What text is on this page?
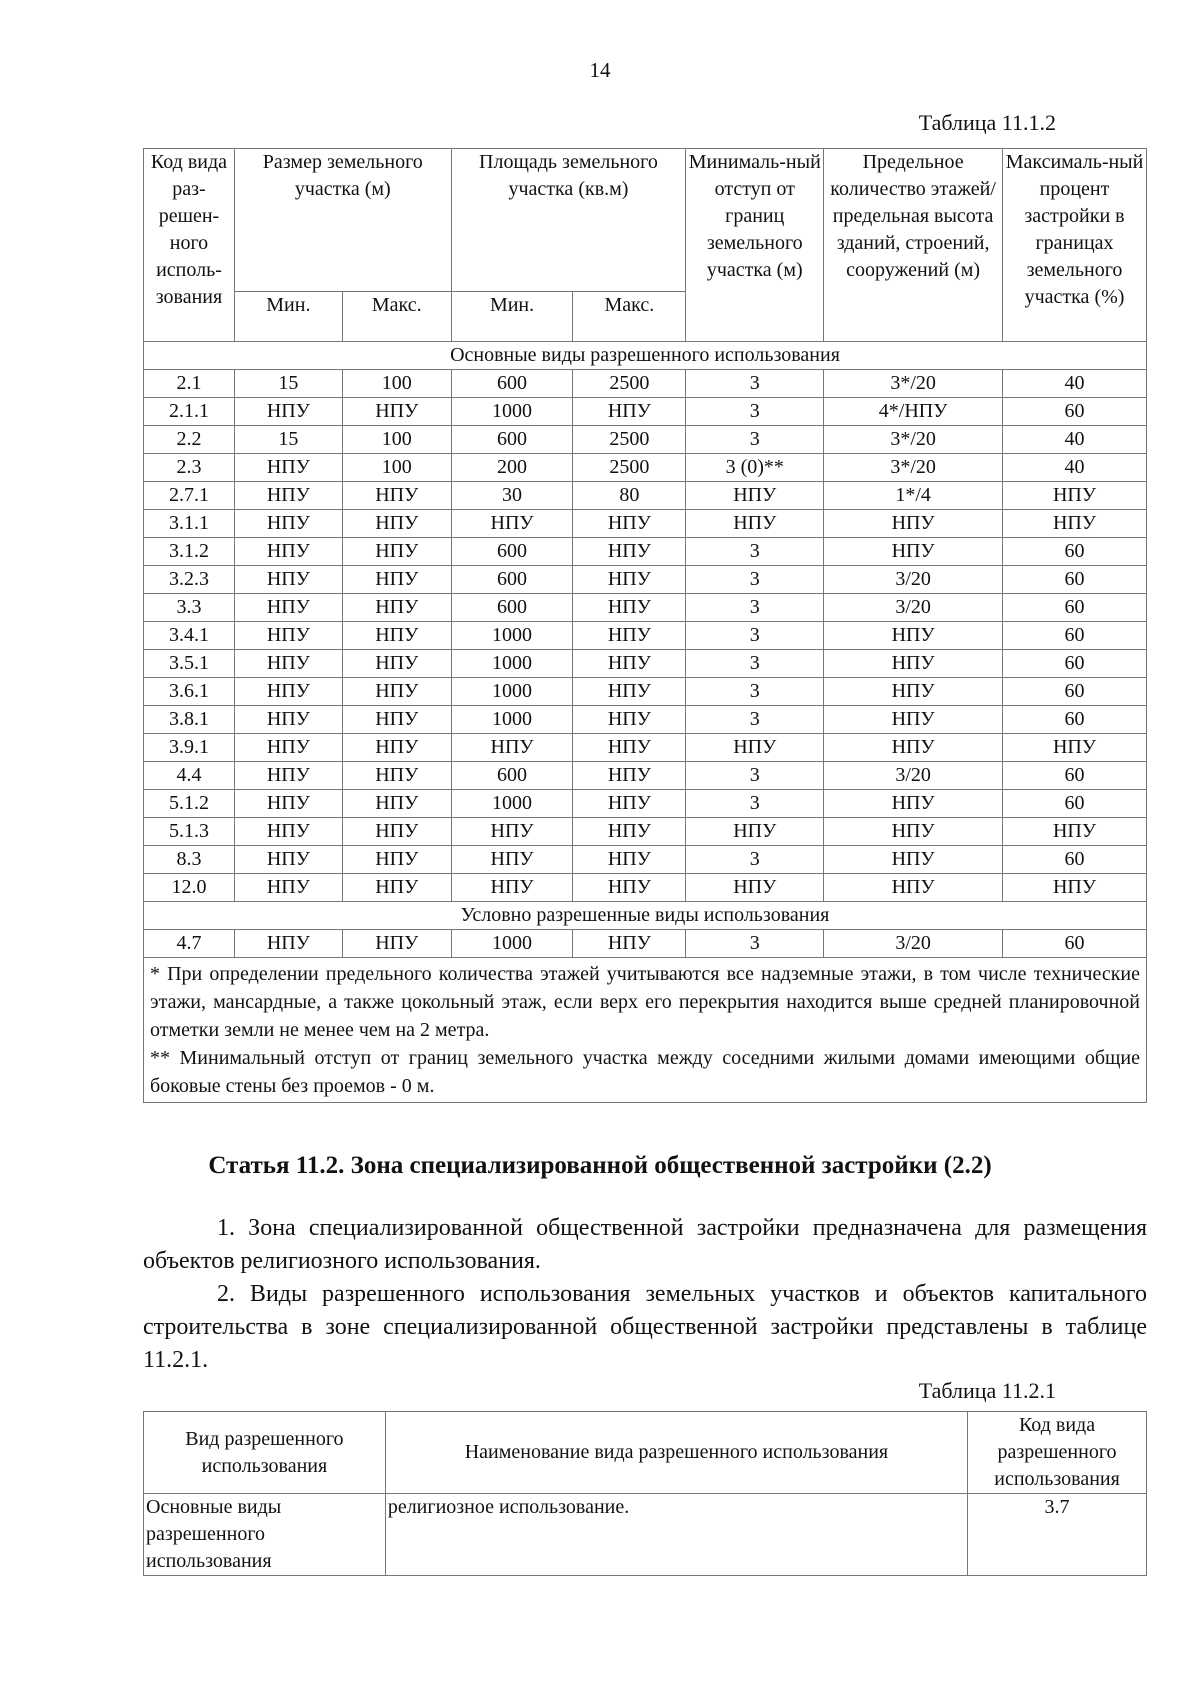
14
Таблица 11.1.2
Код вида раз-решен-ного исполь-зования	Размер земельного участка (м)		Площадь земельного участка (кв.м)		Минималь-ный отступ от границ земельного участка (м)	Предельное количество этажей/ предельная высота зданий, строений, сооружений (м)	Максималь-ный процент застройки в границах земельного участка (%)
	Мин.	Макс.	Мин.	Макс.			
Основные виды разрешенного использования							
2.1	15	100	600	2500	3	3*/20	40
2.1.1	НПУ	НПУ	1000	НПУ	3	4*/НПУ	60
2.2	15	100	600	2500	3	3*/20	40
2.3	НПУ	100	200	2500	3 (0)**	3*/20	40
2.7.1	НПУ	НПУ	30	80	НПУ	1*/4	НПУ
3.1.1	НПУ	НПУ	НПУ	НПУ	НПУ	НПУ	НПУ
3.1.2	НПУ	НПУ	600	НПУ	3	НПУ	60
3.2.3	НПУ	НПУ	600	НПУ	3	3/20	60
3.3	НПУ	НПУ	600	НПУ	3	3/20	60
3.4.1	НПУ	НПУ	1000	НПУ	3	НПУ	60
3.5.1	НПУ	НПУ	1000	НПУ	3	НПУ	60
3.6.1	НПУ	НПУ	1000	НПУ	3	НПУ	60
3.8.1	НПУ	НПУ	1000	НПУ	3	НПУ	60
3.9.1	НПУ	НПУ	НПУ	НПУ	НПУ	НПУ	НПУ
4.4	НПУ	НПУ	600	НПУ	3	3/20	60
5.1.2	НПУ	НПУ	1000	НПУ	3	НПУ	60
5.1.3	НПУ	НПУ	НПУ	НПУ	НПУ	НПУ	НПУ
8.3	НПУ	НПУ	НПУ	НПУ	3	НПУ	60
12.0	НПУ	НПУ	НПУ	НПУ	НПУ	НПУ	НПУ
Условно разрешенные виды использования							
4.7	НПУ	НПУ	1000	НПУ	3	3/20	60

* При определении предельного количества этажей учитываются все надземные этажи, в том числе технические этажи, мансардные, а также цокольный этаж, если верх его перекрытия находится выше средней планировочной отметки земли не менее чем на 2 метра.
** Минимальный отступ от границ земельного участка между соседними жилыми домами имеющими общие боковые стены без проемов - 0 м.							
Статья 11.2. Зона специализированной общественной застройки (2.2)
1. Зона специализированной общественной застройки предназначена для размещения объектов религиозного использования.
2. Виды разрешенного использования земельных участков и объектов капитального строительства в зоне специализированной общественной застройки представлены в таблице 11.2.1.
Таблица 11.2.1
Вид разрешенного использования	Наименование вида разрешенного использования	Код вида разрешенного использования
Основные виды разрешенного использования	религиозное использование.	3.7
